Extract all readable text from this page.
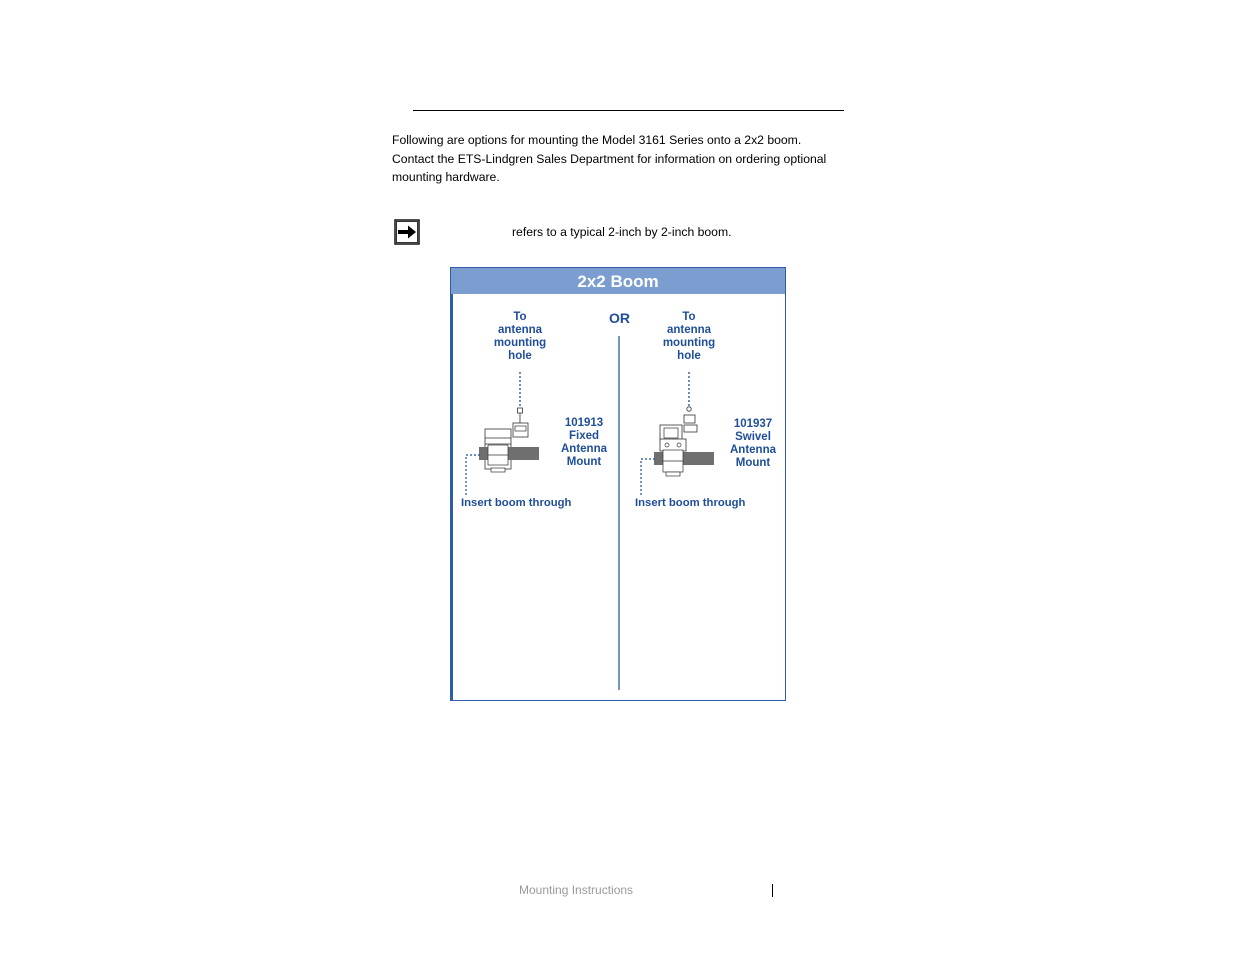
Following are options for mounting the Model 3161 Series onto a 2x2 boom.
Contact the ETS-Lindgren Sales Department for information on ordering optional
mounting hardware.

refers to a typical 2-inch by 2-inch boom.
2x2 Boom
OR
To
antenna
mounting
hole
101913
Fixed
Antenna
Mount
Insert boom through
To
antenna
mounting
hole
101937
Swivel
Antenna
Mount
Insert boom through
Mounting Instructions
